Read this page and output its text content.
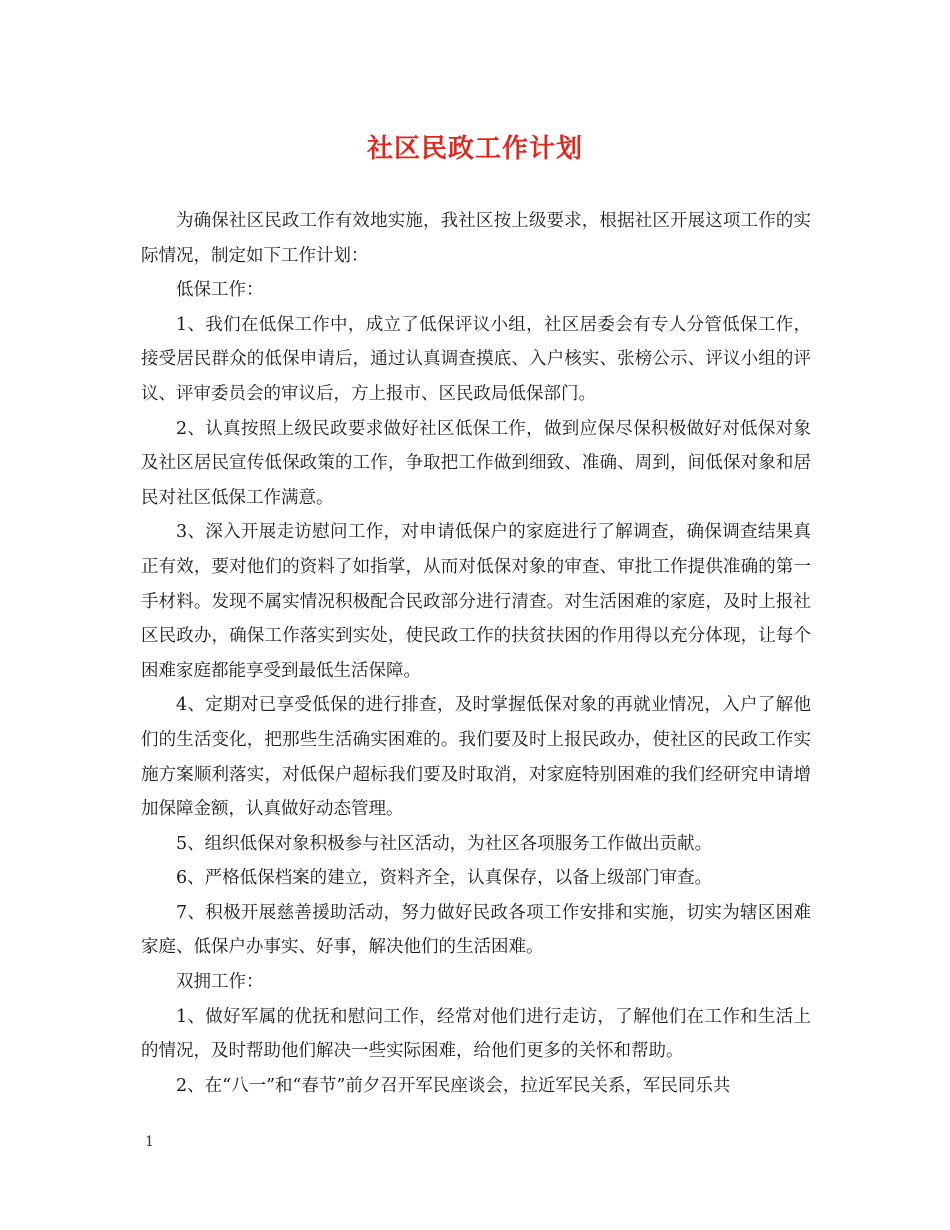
社区民政工作计划

为确保社区民政工作有效地实施，我社区按上级要求，根据社区开展这项工作的实际情况，制定如下工作计划：

低保工作：

1、我们在低保工作中，成立了低保评议小组，社区居委会有专人分管低保工作，接受居民群众的低保申请后，通过认真调查摸底、入户核实、张榜公示、评议小组的评议、评审委员会的审议后，方上报市、区民政局低保部门。

2、认真按照上级民政要求做好社区低保工作，做到应保尽保积极做好对低保对象及社区居民宣传低保政策的工作，争取把工作做到细致、准确、周到，间低保对象和居民对社区低保工作满意。

3、深入开展走访慰问工作，对申请低保户的家庭进行了解调查，确保调查结果真正有效，要对他们的资料了如指掌，从而对低保对象的审查、审批工作提供准确的第一手材料。发现不属实情况积极配合民政部分进行清查。对生活困难的家庭，及时上报社区民政办，确保工作落实到实处，使民政工作的扶贫扶困的作用得以充分体现，让每个困难家庭都能享受到最低生活保障。

4、定期对已享受低保的进行排查，及时掌握低保对象的再就业情况，入户了解他们的生活变化，把那些生活确实困难的。我们要及时上报民政办，使社区的民政工作实施方案顺利落实，对低保户超标我们要及时取消，对家庭特别困难的我们经研究申请增加保障金额，认真做好动态管理。

5、组织低保对象积极参与社区活动，为社区各项服务工作做出贡献。

6、严格低保档案的建立，资料齐全，认真保存，以备上级部门审查。

7、积极开展慈善援助活动，努力做好民政各项工作安排和实施，切实为辖区困难家庭、低保户办事实、好事，解决他们的生活困难。

双拥工作：

1、做好军属的优抚和慰问工作，经常对他们进行走访，了解他们在工作和生活上的情况，及时帮助他们解决一些实际困难，给他们更多的关怀和帮助。

2、在“八一”和“春节”前夕召开军民座谈会，拉近军民关系，军民同乐共

1
